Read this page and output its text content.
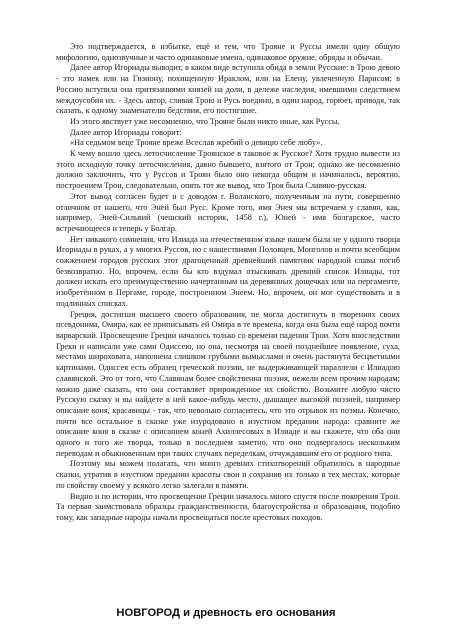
Это подтверждается, в избытке, ещё и тем, что Трояне и Руссы имели одну общую мифологию, однозвучные и часто одинаковые имена, одинаковое оружие, обряды и обычаи.

Далее автор Игориады выводит, в каком виде вступила обида в земли Русские: в Трою девою - это намек или на Гизиону, похищенную Ираклом, или на Елену, увлеченную Парисом; в Россию вступила она притязаниями князей на доли, в дележе наследия, имевшими следствием междоусобия их. - Здесь автор, сливая Трою и Русь воедино, в один народ, горюет, приводя, так сказать, к одному знаменателю бедствия, его постигшие.

Из этого явствует уже несомненно, что Трояне были никто иные, как Руссы.

Далее автор Игориады говорит:

«На седьмом веце Трояне вреже Всеслав жребий о девицю себе любу».

К чему вошло здесь летосчисление Троянское в таковое ж Русское? Хотя трудно вывести из этого исходную точку летосчисления, давно бывшего, взятого от Трои; однако же несомненно должно заключить, что у Руссов и Троян было оно некогда общим и начиналось, вероятно, построением Трои, следовательно, опять тот же вывод, что Троя была Славяно-русская.

Этот вывод согласен будет и с доводом г. Воланского, полученным на пути, совершенно отличном от нашего, что Эней был Русс. Кроме того, имя Энея мы встречаем у славян, как, например, Эней-Сильвий (чешский историк, 1458 г.), Юней - имя болгарское, часто встречающееся и теперь у Болгар.

Нет никакого сомнения, что Илиада на отечественном языке нашем была не у одного творца Игориады в руках, а у многих Руссов, но с нашествиями Половцев, Монголов и почти всеобщим сожжением городов русских этот драгоценный древнейший памятник народной славы погиб безвозвратно. Но, впрочем, если бы кто вздумал отыскивать древний список Илиады, тот должен искать его преимущественно начертанным на деревянных дощечках или на пергаменте, изобретённом в Пергаме, городе, построенном Энеем. Но, впрочем, он мог существовать и в подлинных списках.

Греция, достигши высшего своего образования, не могла достигнуть в творениях своих псевдонима, Омира, как ее приписывать ей Омира в те времена, когда она была ещё народ почти варварский. Просвещение Греции началось только со времени падения Трои. Хотя впоследствии Греки и написали уже сами Одиссею, но она, несмотря на своей позднейшее появление, суха, местами широховата, наполнена слишком грубыми вымыслами и очень растянута бесцветными картинами. Одиссея есть образец греческой поэзии, не выдерживающей параллели с Илиадою славянской. Это от того, что Славянам более свойственна поэзия, нежели всем прочим народам; можно даже сказать, что она составляет прирожденное их свойство. Возьмите любую чисто Русскую сказку и вы найдете в ней какое-нибудь место, дышащее высокой поэзией, например описание коня, красавицы - так, что невольно согласитесь, что это отрывок из поэмы. Конечно, почти все остальное в сказке уже изуродовано в изустном предании народа: сравните же описание коня в сказке с описанием коней Ахиллесовых в Илиаде и вы скажете, что оба они одного и того же творца, только в последнем заметно, что оно подвергалось нескольким переводам и обыкновенным при таких случаях переделкам, отчуждавшим его от родного типа.

Поэтому мы можем полагать, что много древних стихотворений обратилось в народные сказки, утратив в изустном предании красоты свои и сохранив их только в тех местах, которые по свойству своему у всякого легко залегали в памяти.

Видно и по истории, что просвещение Греции началось много спустя после покорения Трои. Та первая заимствовала образцы гражданственности, благоустройства и образования, подобно тому, как западные народы начали просвещаться после крестовых походов.

НОВГОРОД и древность его основания
